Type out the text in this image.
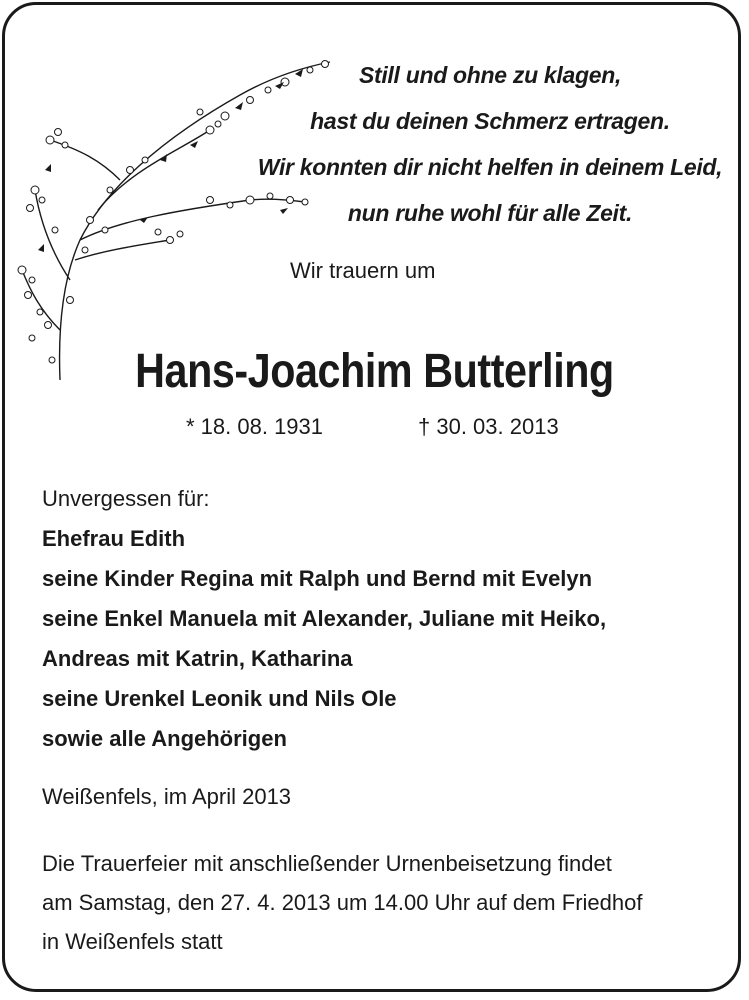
Still und ohne zu klagen,
hast du deinen Schmerz ertragen.
Wir konnten dir nicht helfen in deinem Leid,
nun ruhe wohl für alle Zeit.
Wir trauern um
Hans-Joachim Butterling
* 18. 08. 1931	† 30. 03. 2013
Unvergessen für:
Ehefrau Edith
seine Kinder Regina mit Ralph und Bernd mit Evelyn
seine Enkel Manuela mit Alexander, Juliane mit Heiko,
Andreas mit Katrin, Katharina
seine Urenkel Leonik und Nils Ole
sowie alle Angehörigen
Weißenfels, im April 2013
Die Trauerfeier mit anschließender Urnenbeisetzung findet
am Samstag, den 27. 4. 2013 um 14.00 Uhr auf dem Friedhof
in Weißenfels statt
